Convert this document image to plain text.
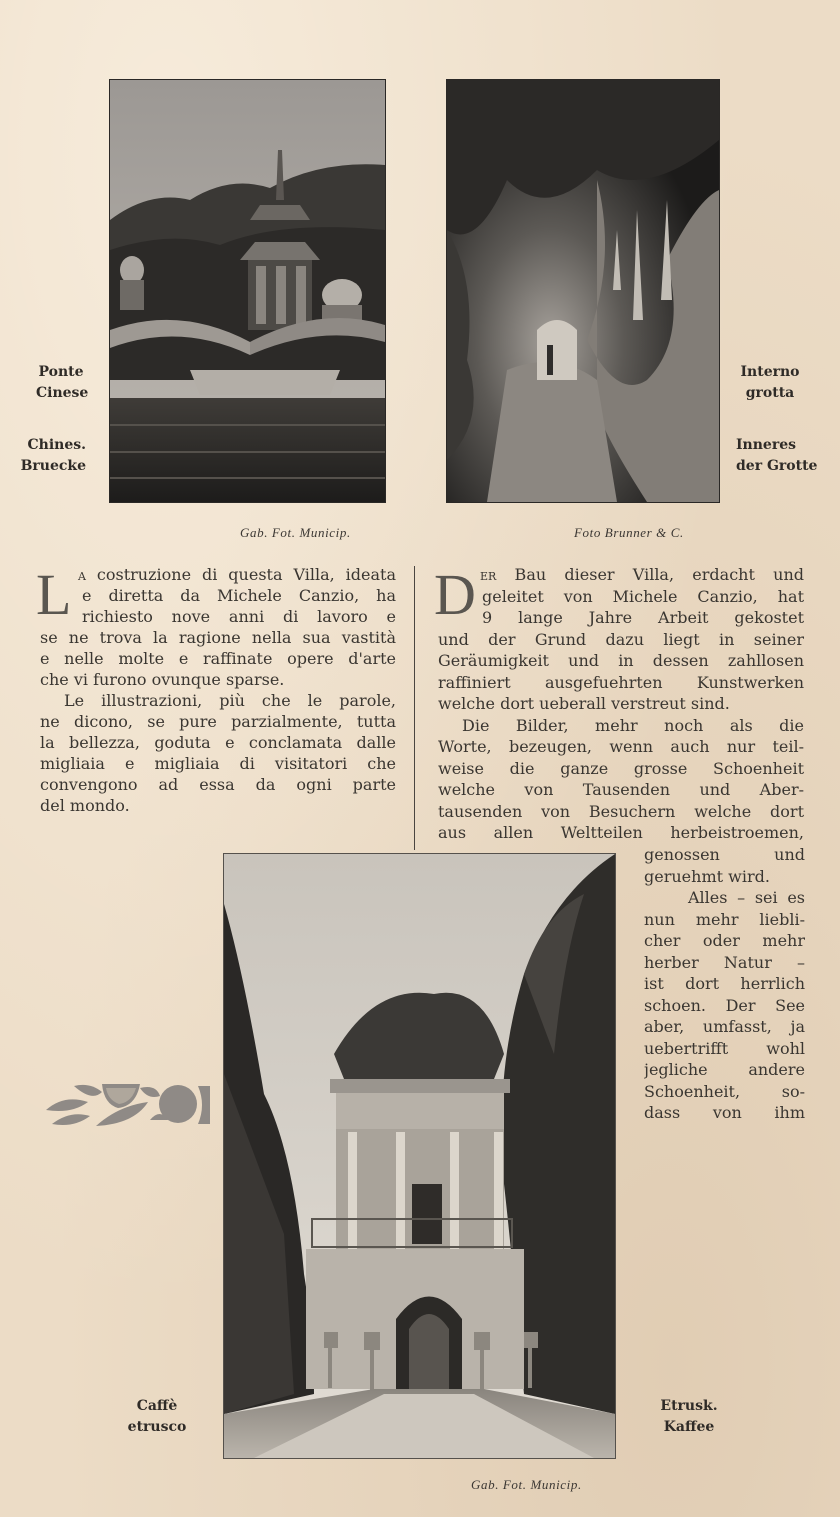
Ponte
Cinese
Chines.
Bruecke
Gab. Fot. Municip.
Interno
grotta
Inneres
der Grotte
Foto Brunner & C.
L a costruzione di questa Villa, ideata
e diretta da Michele Canzio, ha
richiesto nove anni di lavoro e
se ne trova la ragione nella sua vastità
e nelle molte e raffinate opere d'arte
che vi furono ovunque sparse.
Le illustrazioni, più che le parole,
ne dicono, se pure parzialmente, tutta
la bellezza, goduta e conclamata dalle
migliaia e migliaia di visitatori che
convengono ad essa da ogni parte
del mondo.
D er Bau dieser Villa, erdacht und
geleitet von Michele Canzio, hat
9 lange Jahre Arbeit gekostet
und der Grund dazu liegt in seiner
Geräumigkeit und in dessen zahllosen
raffiniert ausgefuehrten Kunstwerken
welche dort ueberall verstreut sind.
Die Bilder, mehr noch als die
Worte, bezeugen, wenn auch nur teil-
weise die ganze grosse Schoenheit
welche von Tausenden und Aber-
tausenden von Besuchern welche dort
aus allen Weltteilen herbeistroemen,
genossen und
geruehmt wird.
Alles – sei es
nun mehr liebli-
cher oder mehr
herber Natur –
ist dort herrlich
schoen. Der See
aber, umfasst, ja
uebertrifft wohl
jegliche andere
Schoenheit, so-
dass von ihm
Caffè
etrusco
Etrusk.
Kaffee
Gab. Fot. Municip.
